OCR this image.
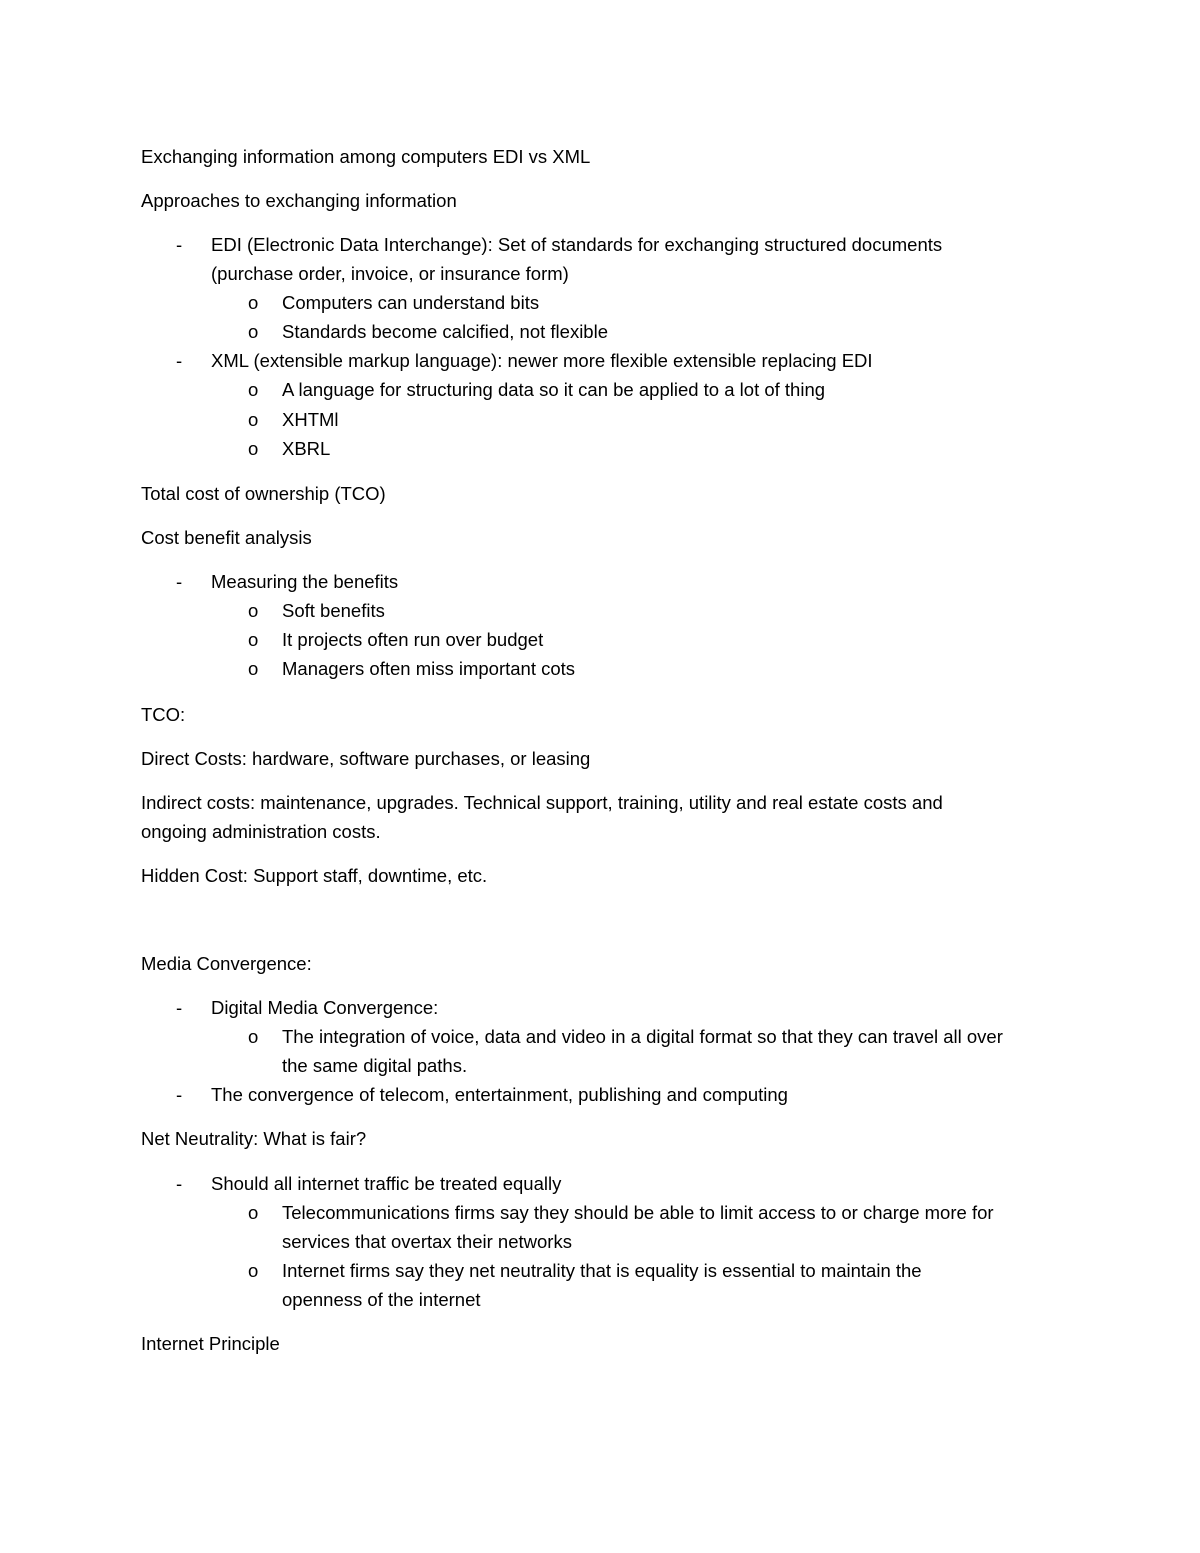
Exchanging information among computers EDI vs XML
Approaches to exchanging information
- EDI (Electronic Data Interchange): Set of standards for exchanging structured documents
(purchase order, invoice, or insurance form)
o Computers can understand bits
o Standards become calcified, not flexible
- XML (extensible markup language): newer more flexible extensible replacing EDI
o A language for structuring data so it can be applied to a lot of thing
o XHTMl
o XBRL
Total cost of ownership (TCO)
Cost benefit analysis
- Measuring the benefits
o Soft benefits
o It projects often run over budget
o Managers often miss important cots
TCO:
Direct Costs: hardware, software purchases, or leasing
Indirect costs: maintenance, upgrades. Technical support, training, utility and real estate costs and
ongoing administration costs.
Hidden Cost: Support staff, downtime, etc.
Media Convergence:
- Digital Media Convergence:
o The integration of voice, data and video in a digital format so that they can travel all over
the same digital paths.
- The convergence of telecom, entertainment, publishing and computing
Net Neutrality: What is fair?
- Should all internet traffic be treated equally
o Telecommunications firms say they should be able to limit access to or charge more for
services that overtax their networks
o Internet firms say they net neutrality that is equality is essential to maintain the
openness of the internet
Internet Principle
